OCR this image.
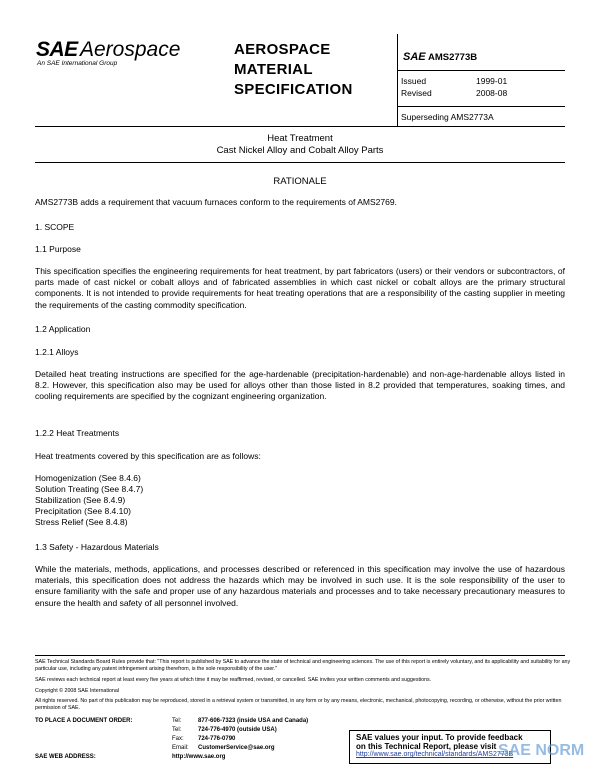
SAE Aerospace
An SAE International Group
AEROSPACE
MATERIAL
SPECIFICATION
SAE AMS2773B
Issued	1999-01
Revised	2008-08
Superseding AMS2773A
Heat Treatment
Cast Nickel Alloy and Cobalt Alloy Parts
RATIONALE
AMS2773B adds a requirement that vacuum furnaces conform to the requirements of AMS2769.
1. SCOPE
1.1 Purpose
This specification specifies the engineering requirements for heat treatment, by part fabricators (users) or their vendors or subcontractors, of parts made of cast nickel or cobalt alloys and of fabricated assemblies in which cast nickel or cobalt alloys are the primary structural components. It is not intended to provide requirements for heat treating operations that are a responsibility of the casting supplier in meeting the requirements of the casting commodity specification.
1.2 Application
1.2.1 Alloys
Detailed heat treating instructions are specified for the age-hardenable (precipitation-hardenable) and non-age-hardenable alloys listed in 8.2. However, this specification also may be used for alloys other than those listed in 8.2 provided that temperatures, soaking times, and cooling requirements are specified by the cognizant engineering organization.
1.2.2 Heat Treatments
Heat treatments covered by this specification are as follows:
Homogenization (See 8.4.6)
Solution Treating (See 8.4.7)
Stabilization (See 8.4.9)
Precipitation (See 8.4.10)
Stress Relief (See 8.4.8)
1.3 Safety - Hazardous Materials
While the materials, methods, applications, and processes described or referenced in this specification may involve the use of hazardous materials, this specification does not address the hazards which may be involved in such use. It is the sole responsibility of the user to ensure familiarity with the safe and proper use of any hazardous materials and processes and to take necessary precautionary measures to ensure the health and safety of all personnel involved.
SAE Technical Standards Board Rules provide that: "This report is published by SAE to advance the state of technical and engineering sciences. The use of this report is entirely voluntary, and its applicability and suitability for any particular use, including any patent infringement arising therefrom, is the sole responsibility of the user."
SAE reviews each technical report at least every five years at which time it may be reaffirmed, revised, or cancelled. SAE invites your written comments and suggestions.
Copyright © 2008 SAE International
All rights reserved. No part of this publication may be reproduced, stored in a retrieval system or transmitted, in any form or by any means, electronic, mechanical, photocopying, recording, or otherwise, without the prior written permission of SAE.
TO PLACE A DOCUMENT ORDER:	Tel:	877-606-7323 (inside USA and Canada)
Tel:	724-776-4970 (outside USA)
Fax: 724-776-0790
Email: CustomerService@sae.org
SAE WEB ADDRESS:	http://www.sae.org
SAE values your input. To provide feedback
on this Technical Report, please visit
http://www.sae.org/technical/standards/AMS2773B
SAE NORM
